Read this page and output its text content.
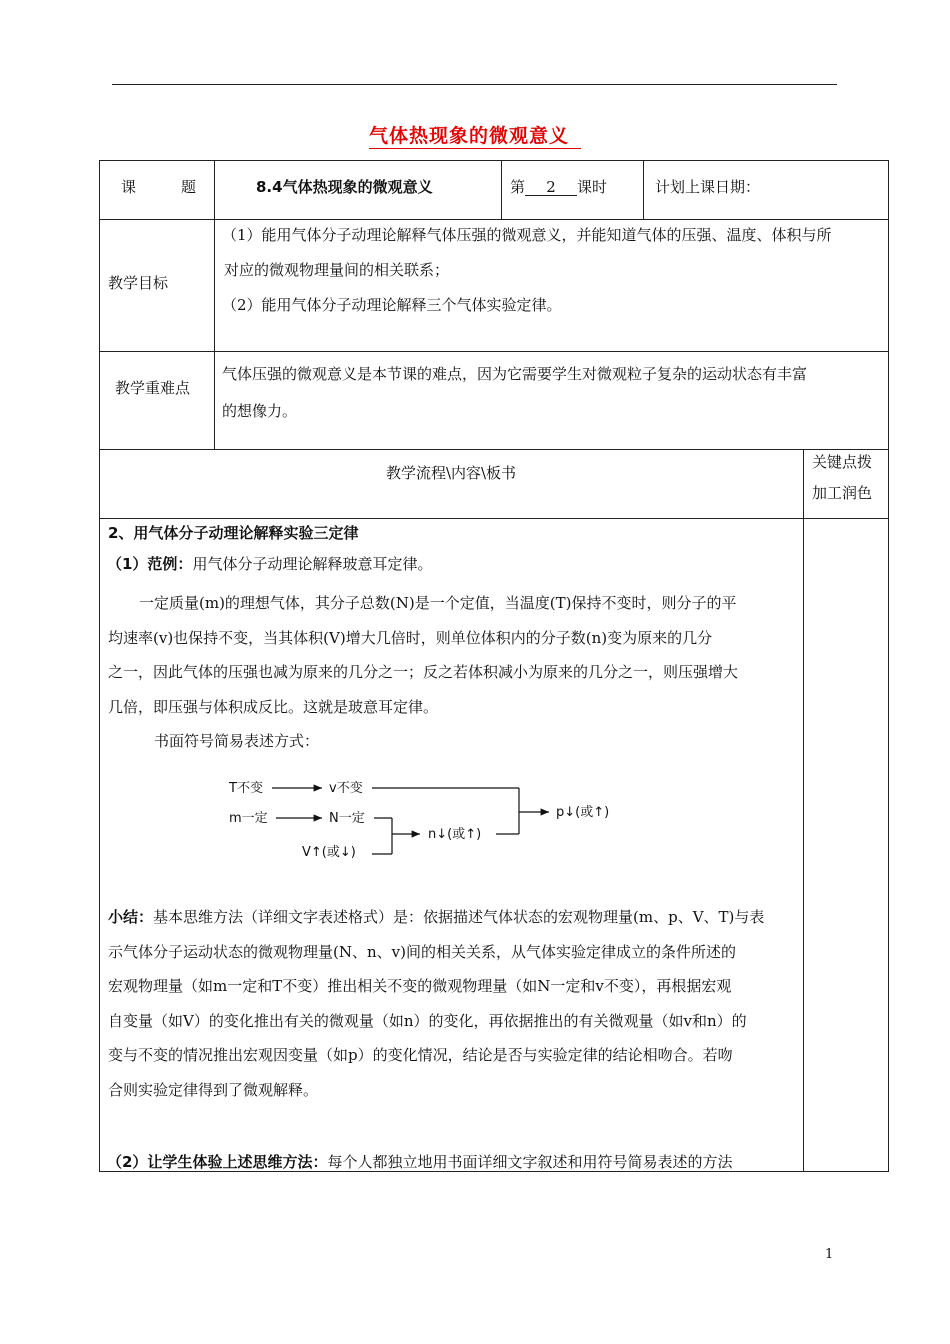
气体热现象的微观意义
课　　　题	8.4气体热现象的微观意义	第 2 课时	计划上课日期：
教学目标
（1）能用气体分子动理论解释气体压强的微观意义，并能知道气体的压强、温度、体积与所
对应的微观物理量间的相关联系；
（2）能用气体分子动理论解释三个气体实验定律。
教学重难点
气体压强的微观意义是本节课的难点，因为它需要学生对微观粒子复杂的运动状态有丰富
的想像力。
教学流程\内容\板书
关键点拨
加工润色
2、用气体分子动理论解释实验三定律
（1）范例：用气体分子动理论解释玻意耳定律。
一定质量(m)的理想气体，其分子总数(N)是一个定值，当温度(T)保持不变时，则分子的平
均速率(v)也保持不变，当其体积(V)增大几倍时，则单位体积内的分子数(n)变为原来的几分
之一，因此气体的压强也减为原来的几分之一；反之若体积减小为原来的几分之一，则压强增大
几倍，即压强与体积成反比。这就是玻意耳定律。
书面符号简易表述方式：
T不变	v不变
m一定	N一定
V↑(或↓)
n↓(或↑)
p↓(或↑)
小结：基本思维方法（详细文字表述格式）是：依据描述气体状态的宏观物理量(m、p、V、T)与表
示气体分子运动状态的微观物理量(N、n、v)间的相关关系，从气体实验定律成立的条件所述的
宏观物理量（如m一定和T不变）推出相关不变的微观物理量（如N一定和v不变），再根据宏观
自变量（如V）的变化推出有关的微观量（如n）的变化，再依据推出的有关微观量（如v和n）的
变与不变的情况推出宏观因变量（如p）的变化情况，结论是否与实验定律的结论相吻合。若吻
合则实验定律得到了微观解释。
（2）让学生体验上述思维方法：每个人都独立地用书面详细文字叙述和用符号简易表述的方法
1
